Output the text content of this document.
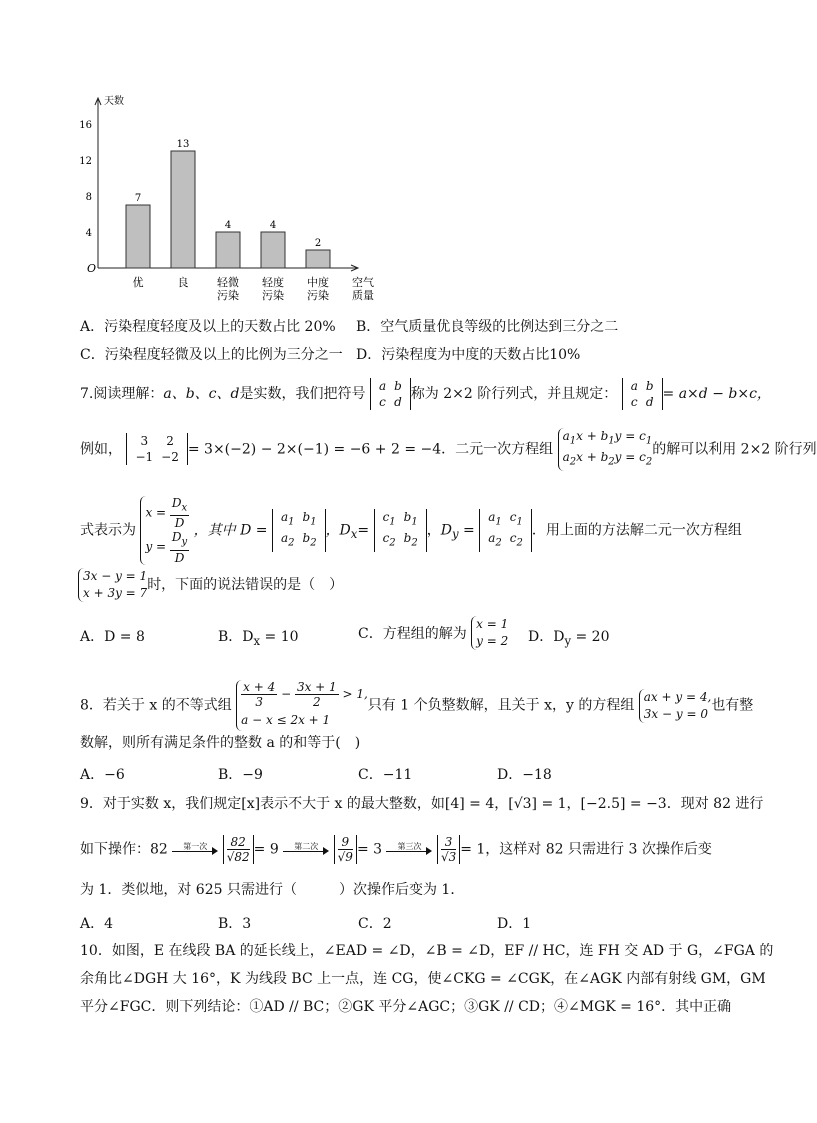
天数
O
4
8
12
16
7
优
13
良
4
轻微
污染
4
轻度
污染
2
中度
污染
空气
质量
A．污染程度轻度及以上的天数占比 20% B．空气质量优良等级的比例达到三分之二
C．污染程度轻微及以上的比例为三分之一 D．污染程度为中度的天数占比10%
7.阅读理解：a、b、c、d是实数，我们把符号 a	b
c	d 称为 2×2 阶行列式，并且规定： a	b
c	d = a×d − b×c，
例如， 3	2
−1	−2 = 3×(−2) − 2×(−1) = −6 + 2 = −4．二元一次方程组 $a_1x + b_1y = c_1$
$a_2x + b_2y = c_2$的解可以利用 2×2 阶行列
式表示为 $x = \frac{D_x}{D}$

$y = \frac{D_y}{D}$ ，其中 D =
$a_1$	$b_1$
$a_2$	$b_2$
，$D_x=$
$c_1$	$b_1$
$c_2$	$b_2$
，$D_y$ =
$a_1$	$c_1$
$a_2$	$c_2$
．用上面的方法解二元一次方程组
3x − y = 1
x + 3y = 7时，下面的说法错误的是（　）
A．D = 8	B．$D_x = 10$	C．方程组的解为 x = 1
y = 2 D．$D_y = 20$
8．若关于 x 的不等式组 $\frac{x + 4}{3} - \frac{3x + 1}{2} > 1$,
a − x ≤ 2x + 1只有 1 个负整数解，且关于 x，y 的方程组 ax + y = 4,
3x − y = 0 也有整
数解，则所有满足条件的整数 a 的和等于(　)
A．−6	B．−9	C．−11	D．−18
9．对于实数 x，我们规定[x]表示不大于 x 的最大整数，如[4] = 4，[√3] = 1，[−2.5] = −3．现对 82 进行
如下操作：82	第一次
	$\frac{82}{√82} = 9$	第二次
	$\frac{9}{√9} = 3$	第三次
	$\frac{3}{√3} = 1$，这样对 82 只需进行 3 次操作后变
为 1．类似地，对 625 只需进行（　　　）次操作后变为 1．
A．4	B．3	C．2	D．1
10．如图，E 在线段 BA 的延长线上，∠EAD = ∠D，∠B = ∠D，EF // HC，连 FH 交 AD 于 G，∠FGA 的
余角比∠DGH 大 16°，K 为线段 BC 上一点，连 CG，使∠CKG = ∠CGK，在∠AGK 内部有射线 GM，GM
平分∠FGC．则下列结论：①AD // BC；②GK 平分∠AGC；③GK // CD；④∠MGK = 16°．其中正确
